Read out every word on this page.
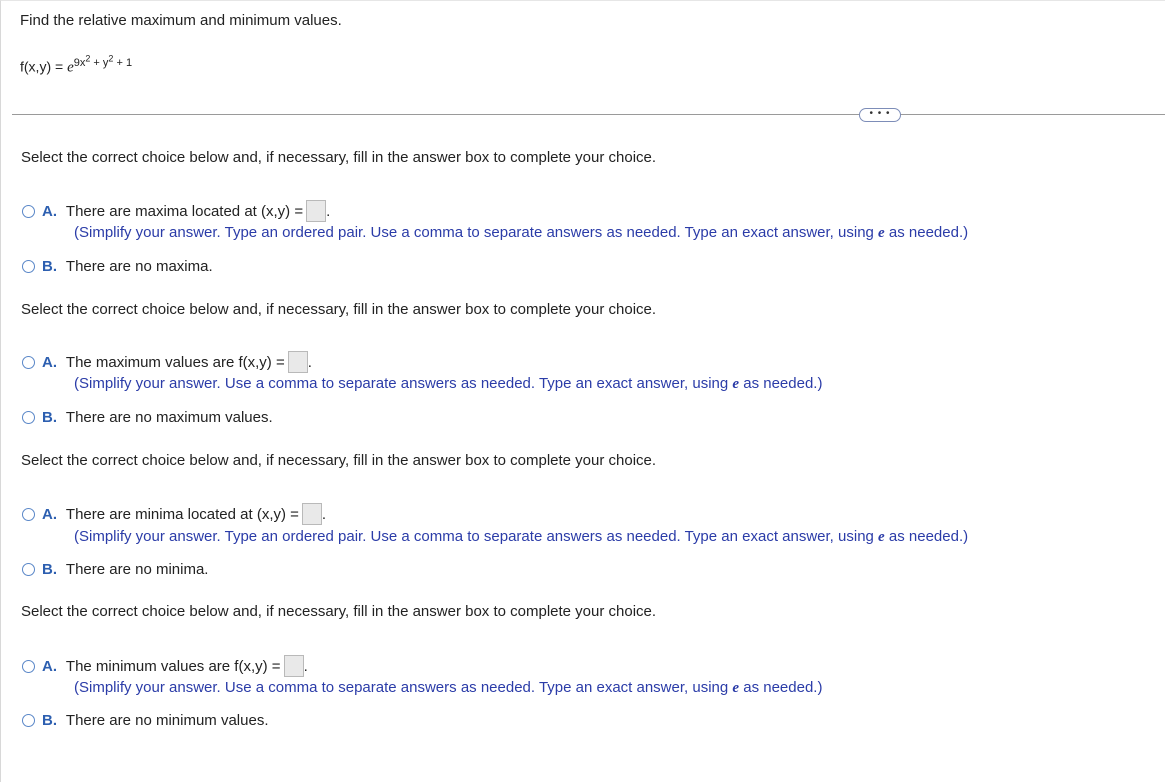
Find the relative maximum and minimum values.
$f(x,y) = e^{9x^2 + y^2 + 1}$
• • •
Select the correct choice below and, if necessary, fill in the answer box to complete your choice.
A. There are maxima located at (x,y) = .
(Simplify your answer. Type an ordered pair. Use a comma to separate answers as needed. Type an exact answer, using e as needed.)
B. There are no maxima.
Select the correct choice below and, if necessary, fill in the answer box to complete your choice.
A. The maximum values are f(x,y) = .
(Simplify your answer. Use a comma to separate answers as needed. Type an exact answer, using e as needed.)
B. There are no maximum values.
Select the correct choice below and, if necessary, fill in the answer box to complete your choice.
A. There are minima located at (x,y) = .
(Simplify your answer. Type an ordered pair. Use a comma to separate answers as needed. Type an exact answer, using e as needed.)
B. There are no minima.
Select the correct choice below and, if necessary, fill in the answer box to complete your choice.
A. The minimum values are f(x,y) = .
(Simplify your answer. Use a comma to separate answers as needed. Type an exact answer, using e as needed.)
B. There are no minimum values.
